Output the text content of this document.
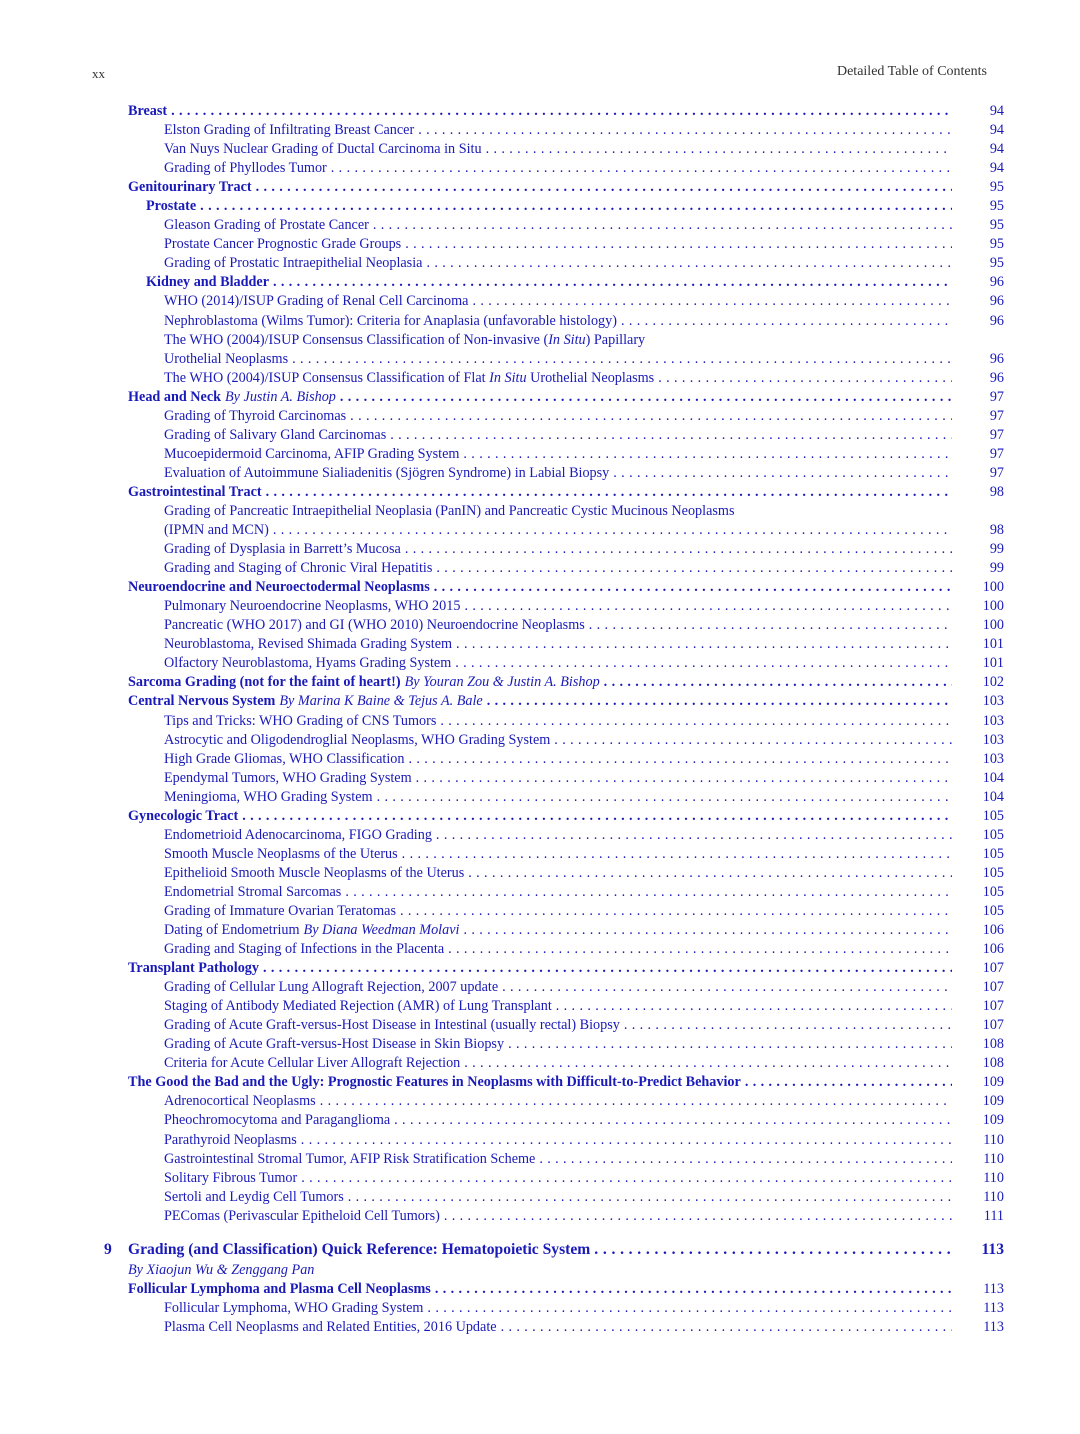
xx	Detailed Table of Contents
Breast . . .	94
Elston Grading of Infiltrating Breast Cancer . . .	94
Van Nuys Nuclear Grading of Ductal Carcinoma in Situ . . .	94
Grading of Phyllodes Tumor . . .	94
Genitourinary Tract . . .	95
Prostate . . .	95
Gleason Grading of Prostate Cancer . . .	95
Prostate Cancer Prognostic Grade Groups . . .	95
Grading of Prostatic Intraepithelial Neoplasia . . .	95
Kidney and Bladder . . .	96
WHO (2014)/ISUP Grading of Renal Cell Carcinoma . . .	96
Nephroblastoma (Wilms Tumor): Criteria for Anaplasia (unfavorable histology) . . .	96
The WHO (2004)/ISUP Consensus Classification of Non-invasive (In Situ) Papillary
Urothelial Neoplasms . . .	96
The WHO (2004)/ISUP Consensus Classification of Flat In Situ Urothelial Neoplasms . . .	96
Head and Neck By Justin A. Bishop . . .	97
Grading of Thyroid Carcinomas . . .	97
Grading of Salivary Gland Carcinomas . . .	97
Mucoepidermoid Carcinoma, AFIP Grading System . . .	97
Evaluation of Autoimmune Sialiadenitis (Sjögren Syndrome) in Labial Biopsy . . .	97
Gastrointestinal Tract . . .	98
Grading of Pancreatic Intraepithelial Neoplasia (PanIN) and Pancreatic Cystic Mucinous Neoplasms
(IPMN and MCN) . . .	98
Grading of Dysplasia in Barrett’s Mucosa . . .	99
Grading and Staging of Chronic Viral Hepatitis . . .	99
Neuroendocrine and Neuroectodermal Neoplasms . . .	100
Pulmonary Neuroendocrine Neoplasms, WHO 2015 . . .	100
Pancreatic (WHO 2017) and GI (WHO 2010) Neuroendocrine Neoplasms . . .	100
Neuroblastoma, Revised Shimada Grading System . . .	101
Olfactory Neuroblastoma, Hyams Grading System . . .	101
Sarcoma Grading (not for the faint of heart!) By Youran Zou & Justin A. Bishop . . .	102
Central Nervous System By Marina K Baine & Tejus A. Bale . . .	103
Tips and Tricks: WHO Grading of CNS Tumors . . .	103
Astrocytic and Oligodendroglial Neoplasms, WHO Grading System . . .	103
High Grade Gliomas, WHO Classification . . .	103
Ependymal Tumors, WHO Grading System . . .	104
Meningioma, WHO Grading System . . .	104
Gynecologic Tract . . .	105
Endometrioid Adenocarcinoma, FIGO Grading . . .	105
Smooth Muscle Neoplasms of the Uterus . . .	105
Epithelioid Smooth Muscle Neoplasms of the Uterus . . .	105
Endometrial Stromal Sarcomas . . .	105
Grading of Immature Ovarian Teratomas . . .	105
Dating of Endometrium By Diana Weedman Molavi . . .	106
Grading and Staging of Infections in the Placenta . . .	106
Transplant Pathology . . .	107
Grading of Cellular Lung Allograft Rejection, 2007 update . . .	107
Staging of Antibody Mediated Rejection (AMR) of Lung Transplant . . .	107
Grading of Acute Graft-versus-Host Disease in Intestinal (usually rectal) Biopsy . . .	107
Grading of Acute Graft-versus-Host Disease in Skin Biopsy . . .	108
Criteria for Acute Cellular Liver Allograft Rejection . . .	108
The Good the Bad and the Ugly: Prognostic Features in Neoplasms with Difficult-to-Predict Behavior . . .	109
Adrenocortical Neoplasms . . .	109
Pheochromocytoma and Paraganglioma . . .	109
Parathyroid Neoplasms . . .	110
Gastrointestinal Stromal Tumor, AFIP Risk Stratification Scheme . . .	110
Solitary Fibrous Tumor . . .	110
Sertoli and Leydig Cell Tumors . . .	110
PEComas (Perivascular Epitheloid Cell Tumors) . . .	111
9 Grading (and Classification) Quick Reference: Hematopoietic System . . .	113
By Xiaojun Wu & Zenggang Pan
Follicular Lymphoma and Plasma Cell Neoplasms . . .	113
Follicular Lymphoma, WHO Grading System . . .	113
Plasma Cell Neoplasms and Related Entities, 2016 Update . . .	113
